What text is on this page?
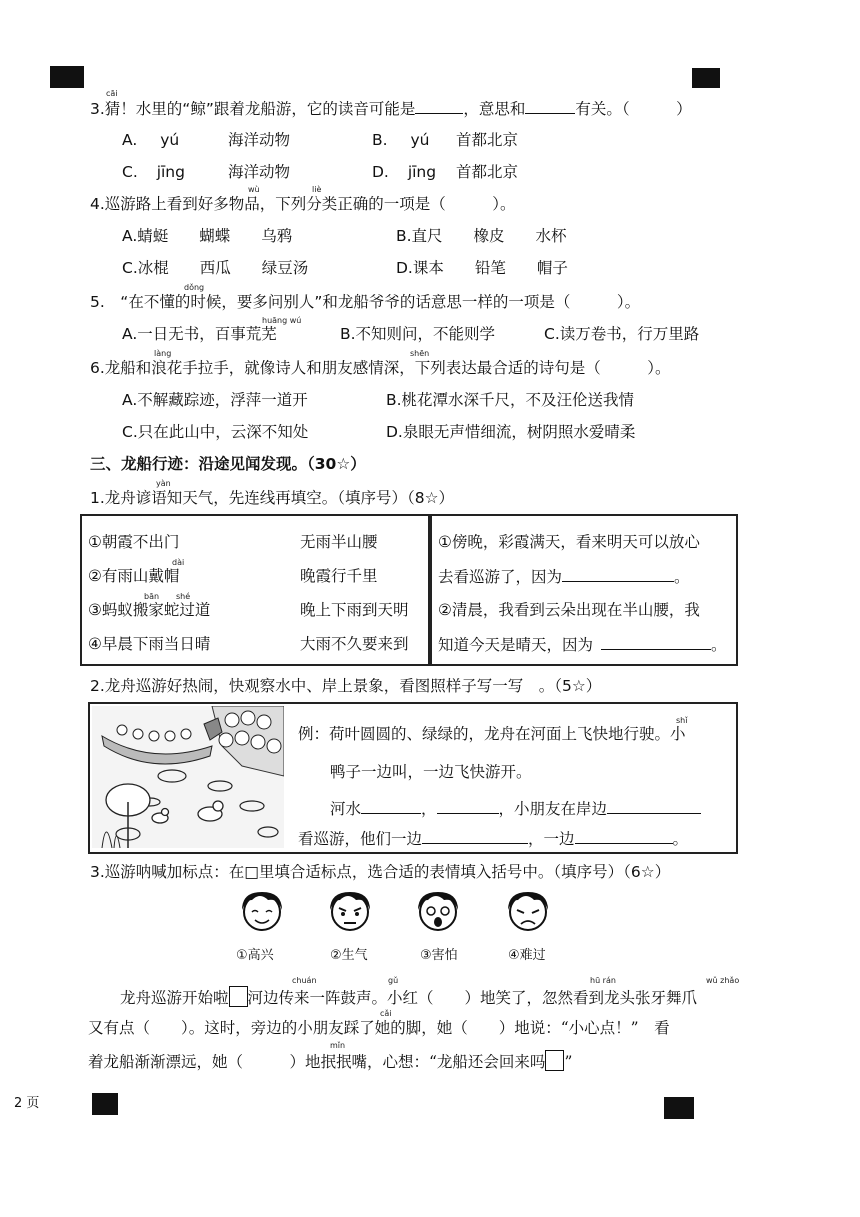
3.猜！水里的“鲸”跟着龙船游，它的读音可能是	，意思和	有关。（　　　）
cāi
A. yú	海洋动物	B. yú 首都北京
C. jīng	海洋动物	D. jīng 首都北京
4.巡游路上看到好多物品，下列分类正确的一项是（　　　）。
wù	liè
A.蜻蜓　　蝴蝶　　乌鸦	B.直尺　　橡皮　　水杯
C.冰棍　　西瓜　　绿豆汤	D.课本　　铅笔　　帽子
5.　“在不懂的时候，要多问别人”和龙船爷爷的话意思一样的一项是（　　　）。
dǒng
huāng wú
A.一日无书，百事荒芜	B.不知则问，不能则学	C.读万卷书，行万里路
6.龙船和浪花手拉手，就像诗人和朋友感情深，下列表达最合适的诗句是（　　　）。
làng	shēn
A.不解藏踪迹，浮萍一道开	B.桃花潭水深千尺，不及汪伦送我情
C.只在此山中，云深不知处	D.泉眼无声惜细流，树阴照水爱晴柔
三、龙船行迹：沿途见闻发现。（30☆）
1.龙舟谚语知天气，先连线再填空。（填序号）（8☆）
yàn
①朝霞不出门
②有雨山戴帽
③蚂蚁搬家蛇过道
④早晨下雨当日晴
dài
bān shé
无雨半山腰
晚霞行千里
晚上下雨到天明
大雨不久要来到
①傍晚，彩霞满天，看来明天可以放心
去看巡游了，因为	。
②清晨，我看到云朵出现在半山腰，我
知道今天是晴天，因为	。
2.龙舟巡游好热闹，快观察水中、岸上景象，看图照样子写一写　。（5☆）
例：荷叶圆圆的、绿绿的，龙舟在河面上飞快地行驶。小
shǐ
鸭子一边叫，一边飞快游开。
河水	，	，小朋友在岸边
看巡游，他们一边	，一边	。
3.巡游呐喊加标点：在□里填合适标点，选合适的表情填入括号中。（填序号）（6☆）
①高兴	②生气	③害怕	④难过
龙舟巡游开始啦 河边传来一阵鼓声。小红（　　）地笑了，忽然看到龙头张牙舞爪
chuán	gǔ	hū rán	wǔ zhǎo
又有点（　　）。这时，旁边的小朋友踩了她的脚，她（　　）地说：“小心点！”　看
cǎi
着龙船渐渐漂远，她（　　　）地抿抿嘴，心想：“龙船还会回来吗 ”
mǐn
2 页
